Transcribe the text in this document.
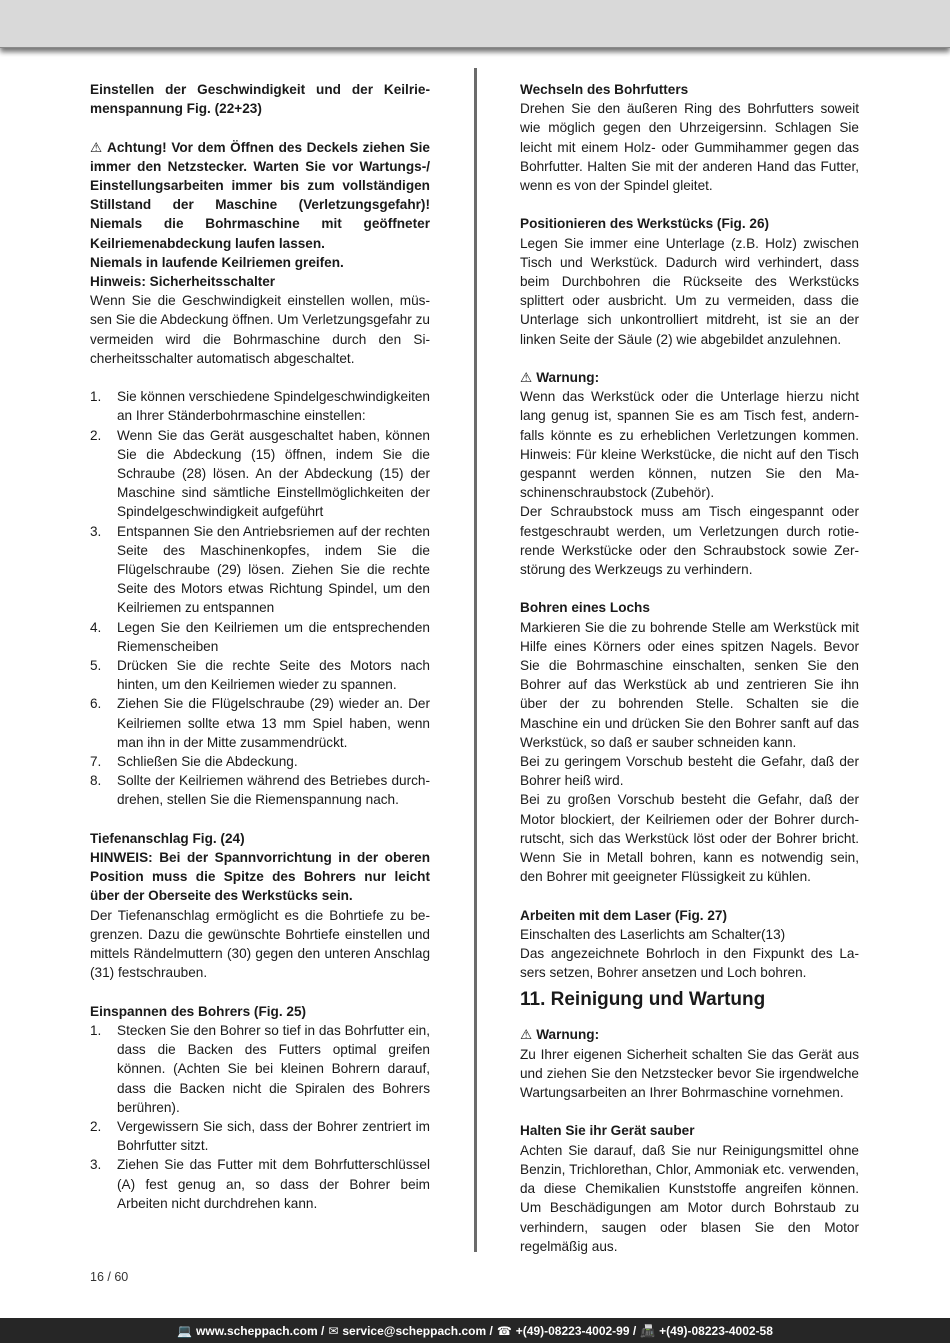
Einstellen der Geschwindigkeit und der Keilriemenspannung Fig. (22+23)

⚠ Achtung! Vor dem Öffnen des Deckels ziehen Sie immer den Netzstecker. Warten Sie vor Wartungs-/ Einstellungsarbeiten immer bis zum vollständigen Stillstand der Maschine (Verletzungsgefahr)! Niemals die Bohrmaschine mit geöffneter Keilriemenabdeckung laufen lassen.

Niemals in laufende Keilriemen greifen.

Hinweis: Sicherheitsschalter

Wenn Sie die Geschwindigkeit einstellen wollen, müssen Sie die Abdeckung öffnen. Um Verletzungsgefahr zu vermeiden wird die Bohrmaschine durch den Sicherheitsschalter automatisch abgeschaltet.

1. Sie können verschiedene Spindelgeschwindigkeiten an Ihrer Ständerbohrmaschine einstellen:
2. Wenn Sie das Gerät ausgeschaltet haben, können Sie die Abdeckung (15) öffnen, indem Sie die Schraube (28) lösen. An der Abdeckung (15) der Maschine sind sämtliche Einstellmöglichkeiten der Spindelgeschwindigkeit aufgeführt
3. Entspannen Sie den Antriebsriemen auf der rechten Seite des Maschinenkopfes, indem Sie die Flügelschraube (29) lösen. Ziehen Sie die rechte Seite des Motors etwas Richtung Spindel, um den Keilriemen zu entspannen
4. Legen Sie den Keilriemen um die entsprechenden Riemenscheiben
5. Drücken Sie die rechte Seite des Motors nach hinten, um den Keilriemen wieder zu spannen.
6. Ziehen Sie die Flügelschraube (29) wieder an. Der Keilriemen sollte etwa 13 mm Spiel haben, wenn man ihn in der Mitte zusammendrückt.
7. Schließen Sie die Abdeckung.
8. Sollte der Keilriemen während des Betriebes durchdrehen, stellen Sie die Riemenspannung nach.

Tiefenanschlag Fig. (24)

HINWEIS: Bei der Spannvorrichtung in der oberen Position muss die Spitze des Bohrers nur leicht über der Oberseite des Werkstücks sein.

Der Tiefenanschlag ermöglicht es die Bohrtiefe zu begrenzen. Dazu die gewünschte Bohrtiefe einstellen und mittels Rändelmuttern (30) gegen den unteren Anschlag (31) festschrauben.

Einspannen des Bohrers (Fig. 25)

1. Stecken Sie den Bohrer so tief in das Bohrfutter ein, dass die Backen des Futters optimal greifen können. (Achten Sie bei kleinen Bohrern darauf, dass die Backen nicht die Spiralen des Bohrers berühren).
2. Vergewissern Sie sich, dass der Bohrer zentriert im Bohrfutter sitzt.
3. Ziehen Sie das Futter mit dem Bohrfutterschlüssel (A) fest genug an, so dass der Bohrer beim Arbeiten nicht durchdrehen kann.

Wechseln des Bohrfutters

Drehen Sie den äußeren Ring des Bohrfutters soweit wie möglich gegen den Uhrzeigersinn. Schlagen Sie leicht mit einem Holz- oder Gummihammer gegen das Bohrfutter. Halten Sie mit der anderen Hand das Futter, wenn es von der Spindel gleitet.

Positionieren des Werkstücks (Fig. 26)

Legen Sie immer eine Unterlage (z.B. Holz) zwischen Tisch und Werkstück. Dadurch wird verhindert, dass beim Durchbohren die Rückseite des Werkstücks splittert oder ausbricht. Um zu vermeiden, dass die Unterlage sich unkontrolliert mitdreht, ist sie an der linken Seite der Säule (2) wie abgebildet anzulehnen.

⚠ Warnung:

Wenn das Werkstück oder die Unterlage hierzu nicht lang genug ist, spannen Sie es am Tisch fest, andernfalls könnte es zu erheblichen Verletzungen kommen. Hinweis: Für kleine Werkstücke, die nicht auf den Tisch gespannt werden können, nutzen Sie den Maschinenschraubstock (Zubehör).

Der Schraubstock muss am Tisch eingespannt oder festgeschraubt werden, um Verletzungen durch rotierende Werkstücke oder den Schraubstock sowie Zerstörung des Werkzeugs zu verhindern.

Bohren eines Lochs

Markieren Sie die zu bohrende Stelle am Werkstück mit Hilfe eines Körners oder eines spitzen Nagels. Bevor Sie die Bohrmaschine einschalten, senken Sie den Bohrer auf das Werkstück ab und zentrieren Sie ihn über der zu bohrenden Stelle. Schalten sie die Maschine ein und drücken Sie den Bohrer sanft auf das Werkstück, so daß er sauber schneiden kann.

Bei zu geringem Vorschub besteht die Gefahr, daß der Bohrer heiß wird.

Bei zu großen Vorschub besteht die Gefahr, daß der Motor blockiert, der Keilriemen oder der Bohrer durchrutscht, sich das Werkstück löst oder der Bohrer bricht. Wenn Sie in Metall bohren, kann es notwendig sein, den Bohrer mit geeigneter Flüssigkeit zu kühlen.

Arbeiten mit dem Laser (Fig. 27)

Einschalten des Laserlichts am Schalter(13)

Das angezeichnete Bohrloch in den Fixpunkt des Lasers setzen, Bohrer ansetzen und Loch bohren.

11. Reinigung und Wartung

⚠ Warnung:

Zu Ihrer eigenen Sicherheit schalten Sie das Gerät aus und ziehen Sie den Netzstecker bevor Sie irgendwelche Wartungsarbeiten an Ihrer Bohrmaschine vornehmen.

Halten Sie ihr Gerät sauber

Achten Sie darauf, daß Sie nur Reinigungsmittel ohne Benzin, Trichlorethan, Chlor, Ammoniak etc. verwenden, da diese Chemikalien Kunststoffe angreifen können. Um Beschädigungen am Motor durch Bohrstaub zu verhindern, saugen oder blasen Sie den Motor regelmäßig aus.

16 / 60
💻 www.scheppach.com / ✉ service@scheppach.com / ☎ +(49)-08223-4002-99 / 📠 +(49)-08223-4002-58
